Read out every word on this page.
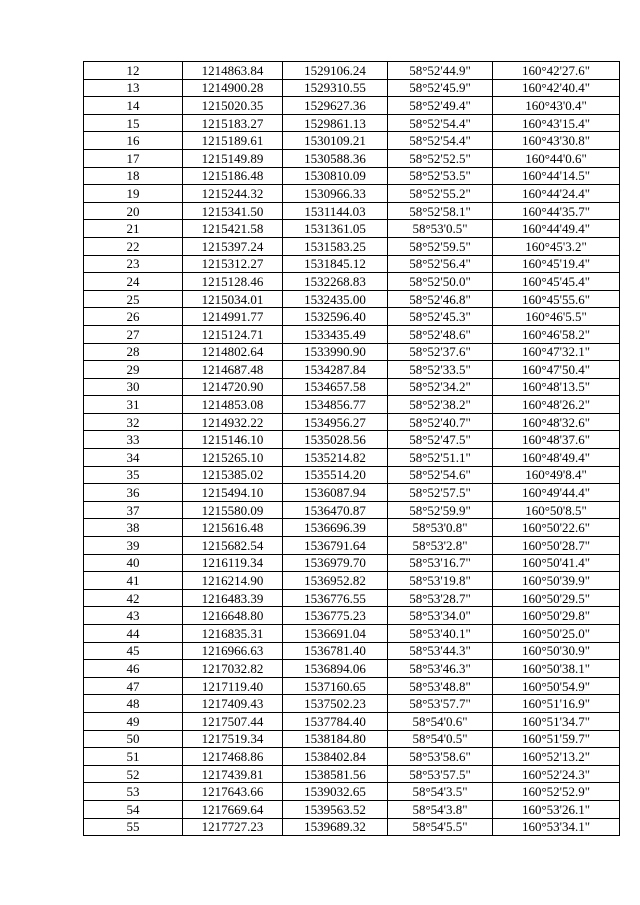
12	1214863.84	1529106.24	58°52'44.9"	160°42'27.6"
13	1214900.28	1529310.55	58°52'45.9"	160°42'40.4"
14	1215020.35	1529627.36	58°52'49.4"	160°43'0.4"
15	1215183.27	1529861.13	58°52'54.4"	160°43'15.4"
16	1215189.61	1530109.21	58°52'54.4"	160°43'30.8"
17	1215149.89	1530588.36	58°52'52.5"	160°44'0.6"
18	1215186.48	1530810.09	58°52'53.5"	160°44'14.5"
19	1215244.32	1530966.33	58°52'55.2"	160°44'24.4"
20	1215341.50	1531144.03	58°52'58.1"	160°44'35.7"
21	1215421.58	1531361.05	58°53'0.5"	160°44'49.4"
22	1215397.24	1531583.25	58°52'59.5"	160°45'3.2"
23	1215312.27	1531845.12	58°52'56.4"	160°45'19.4"
24	1215128.46	1532268.83	58°52'50.0"	160°45'45.4"
25	1215034.01	1532435.00	58°52'46.8"	160°45'55.6"
26	1214991.77	1532596.40	58°52'45.3"	160°46'5.5"
27	1215124.71	1533435.49	58°52'48.6"	160°46'58.2"
28	1214802.64	1533990.90	58°52'37.6"	160°47'32.1"
29	1214687.48	1534287.84	58°52'33.5"	160°47'50.4"
30	1214720.90	1534657.58	58°52'34.2"	160°48'13.5"
31	1214853.08	1534856.77	58°52'38.2"	160°48'26.2"
32	1214932.22	1534956.27	58°52'40.7"	160°48'32.6"
33	1215146.10	1535028.56	58°52'47.5"	160°48'37.6"
34	1215265.10	1535214.82	58°52'51.1"	160°48'49.4"
35	1215385.02	1535514.20	58°52'54.6"	160°49'8.4"
36	1215494.10	1536087.94	58°52'57.5"	160°49'44.4"
37	1215580.09	1536470.87	58°52'59.9"	160°50'8.5"
38	1215616.48	1536696.39	58°53'0.8"	160°50'22.6"
39	1215682.54	1536791.64	58°53'2.8"	160°50'28.7"
40	1216119.34	1536979.70	58°53'16.7"	160°50'41.4"
41	1216214.90	1536952.82	58°53'19.8"	160°50'39.9"
42	1216483.39	1536776.55	58°53'28.7"	160°50'29.5"
43	1216648.80	1536775.23	58°53'34.0"	160°50'29.8"
44	1216835.31	1536691.04	58°53'40.1"	160°50'25.0"
45	1216966.63	1536781.40	58°53'44.3"	160°50'30.9"
46	1217032.82	1536894.06	58°53'46.3"	160°50'38.1"
47	1217119.40	1537160.65	58°53'48.8"	160°50'54.9"
48	1217409.43	1537502.23	58°53'57.7"	160°51'16.9"
49	1217507.44	1537784.40	58°54'0.6"	160°51'34.7"
50	1217519.34	1538184.80	58°54'0.5"	160°51'59.7"
51	1217468.86	1538402.84	58°53'58.6"	160°52'13.2"
52	1217439.81	1538581.56	58°53'57.5"	160°52'24.3"
53	1217643.66	1539032.65	58°54'3.5"	160°52'52.9"
54	1217669.64	1539563.52	58°54'3.8"	160°53'26.1"
55	1217727.23	1539689.32	58°54'5.5"	160°53'34.1"
